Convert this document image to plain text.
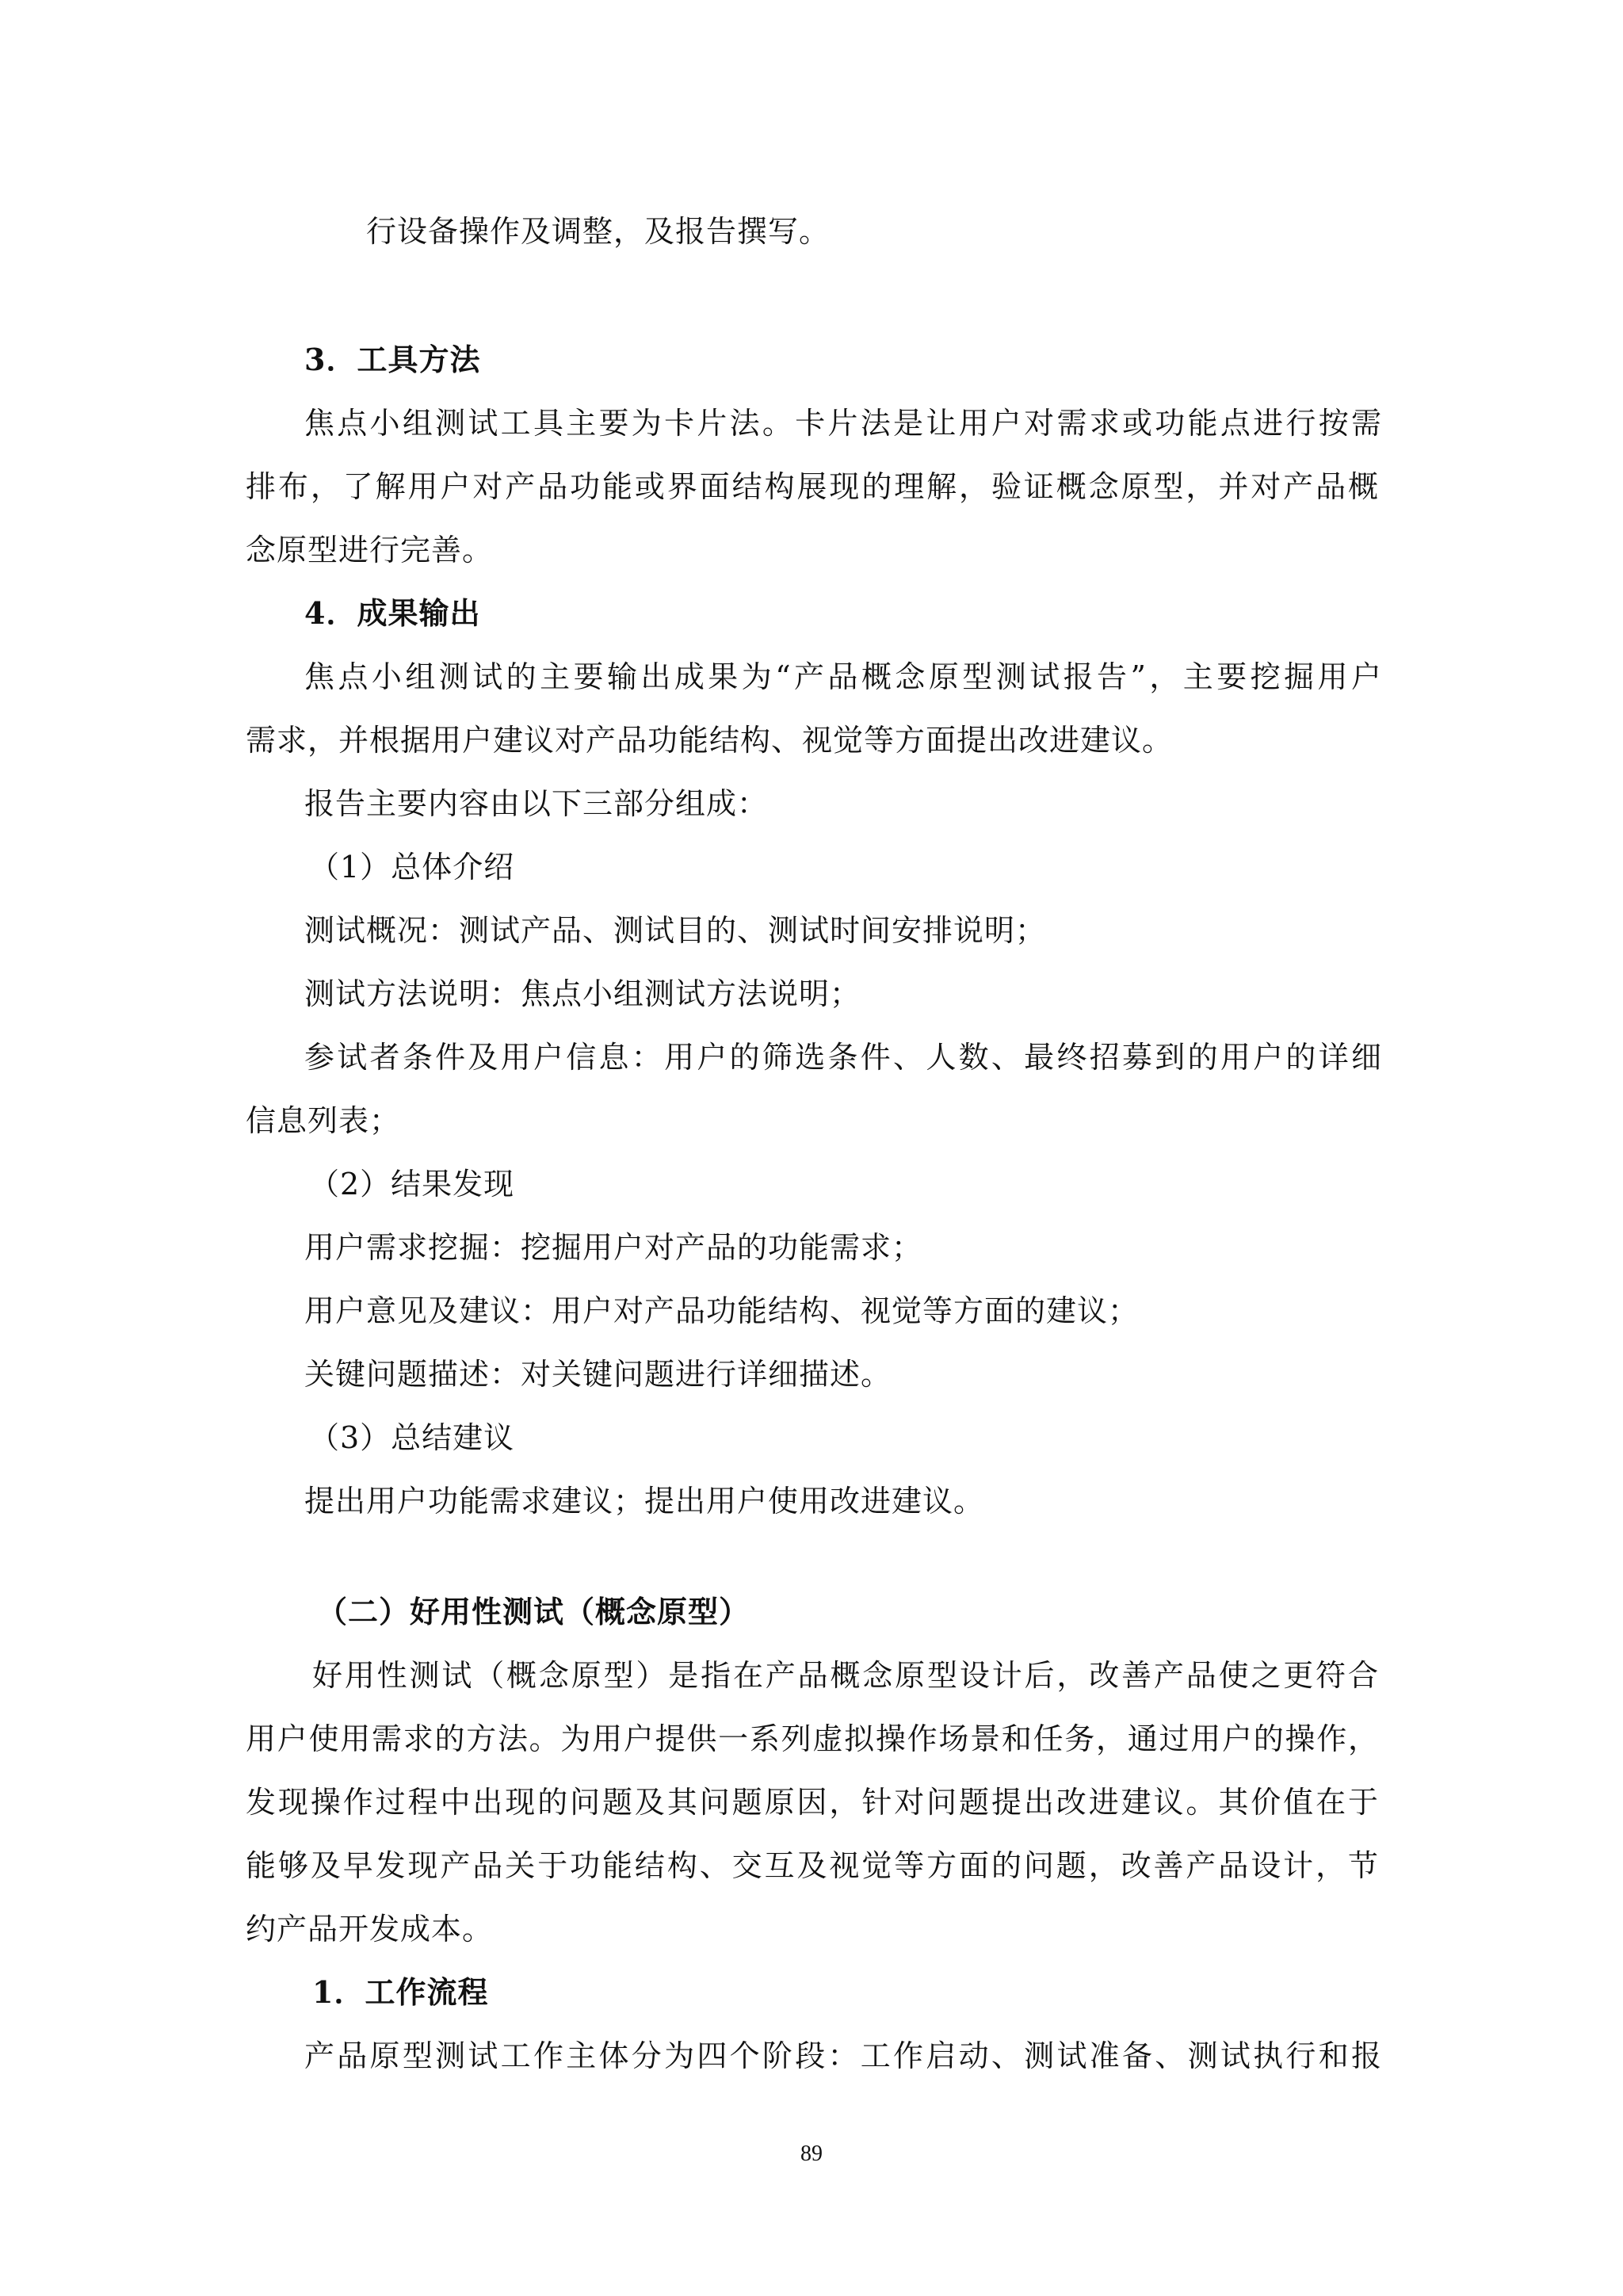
行设备操作及调整，及报告撰写。
3．工具方法
焦点小组测试工具主要为卡片法。卡片法是让用户对需求或功能点进行按需
排布，了解用户对产品功能或界面结构展现的理解，验证概念原型，并对产品概
念原型进行完善。
4．成果输出
焦点小组测试的主要输出成果为“产品概念原型测试报告”，主要挖掘用户
需求，并根据用户建议对产品功能结构、视觉等方面提出改进建议。
报告主要内容由以下三部分组成：
（1）总体介绍
测试概况：测试产品、测试目的、测试时间安排说明；
测试方法说明：焦点小组测试方法说明；
参试者条件及用户信息：用户的筛选条件、人数、最终招募到的用户的详细
信息列表；
（2）结果发现
用户需求挖掘：挖掘用户对产品的功能需求；
用户意见及建议：用户对产品功能结构、视觉等方面的建议；
关键问题描述：对关键问题进行详细描述。
（3）总结建议
提出用户功能需求建议；提出用户使用改进建议。
（二）好用性测试（概念原型）
好用性测试（概念原型）是指在产品概念原型设计后，改善产品使之更符合
用户使用需求的方法。为用户提供一系列虚拟操作场景和任务，通过用户的操作，
发现操作过程中出现的问题及其问题原因，针对问题提出改进建议。其价值在于
能够及早发现产品关于功能结构、交互及视觉等方面的问题，改善产品设计，节
约产品开发成本。
1．工作流程
产品原型测试工作主体分为四个阶段：工作启动、测试准备、测试执行和报
89
